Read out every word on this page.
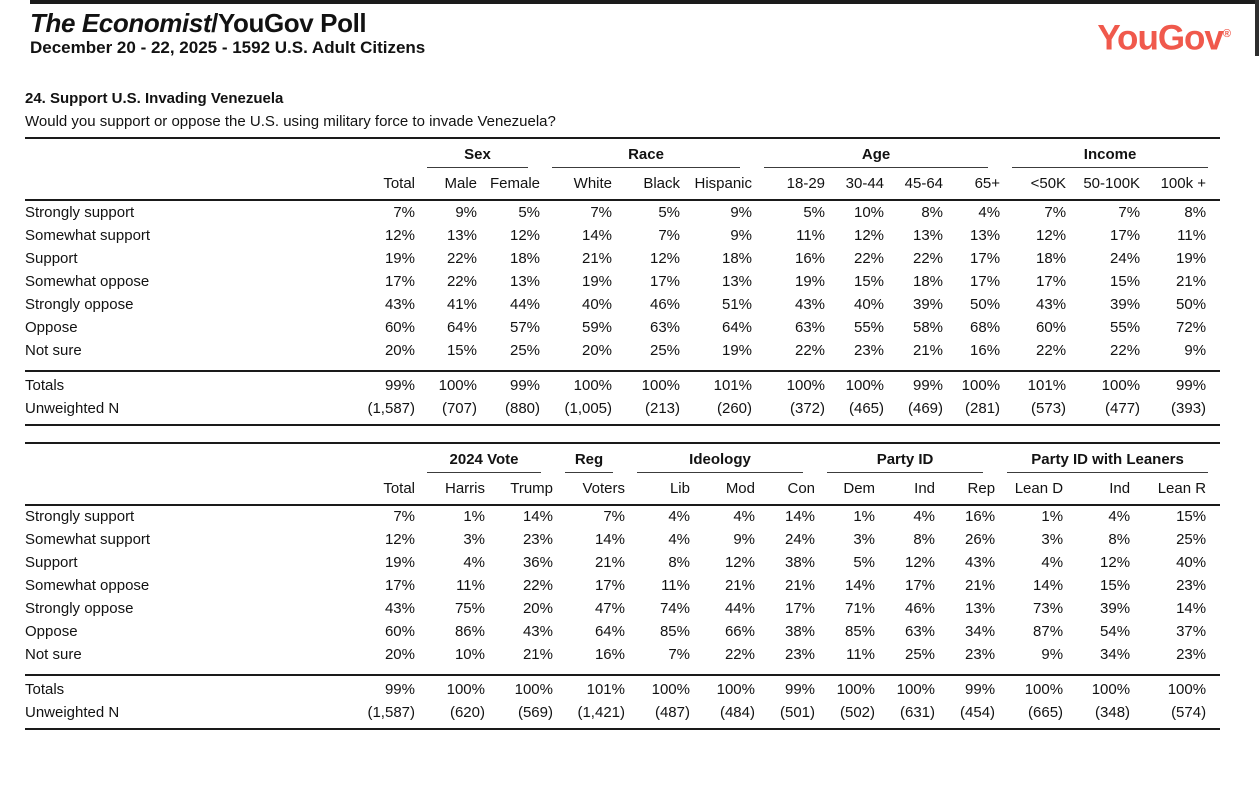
The Economist/YouGov Poll
December 20 - 22, 2025 - 1592 U.S. Adult Citizens	YouGov®
24. Support U.S. Invading Venezuela
Would you support or oppose the U.S. using military force to invade Venezuela?

		Sex		Race			Age				Income		

	Total	Male	Female	White	Black	Hispanic	18-29	30-44	45-64	65+	<50K	50-100K	100k +
Strongly support	7%	9%	5%	7%	5%	9%	5%	10%	8%	4%	7%	7%	8%
Somewhat support	12%	13%	12%	14%	7%	9%	11%	12%	13%	13%	12%	17%	11%
Support	19%	22%	18%	21%	12%	18%	16%	22%	22%	17%	18%	24%	19%
Somewhat oppose	17%	22%	13%	19%	17%	13%	19%	15%	18%	17%	17%	15%	21%
Strongly oppose	43%	41%	44%	40%	46%	51%	43%	40%	39%	50%	43%	39%	50%
Oppose	60%	64%	57%	59%	63%	64%	63%	55%	58%	68%	60%	55%	72%
Not sure	20%	15%	25%	20%	25%	19%	22%	23%	21%	16%	22%	22%	9%
Totals	99%	100%	99%	100%	100%	101%	100%	100%	99%	100%	101%	100%	99%
Unweighted N	(1,587)	(707)	(880)	(1,005)	(213)	(260)	(372)	(465)	(469)	(281)	(573)	(477)	(393)

		2024 Vote		Reg	Ideology			Party ID			Party ID with Leaners		

	Total	Harris	Trump	Voters	Lib	Mod	Con	Dem	Ind	Rep	Lean D	Ind	Lean R
Strongly support	7%	1%	14%	7%	4%	4%	14%	1%	4%	16%	1%	4%	15%
Somewhat support	12%	3%	23%	14%	4%	9%	24%	3%	8%	26%	3%	8%	25%
Support	19%	4%	36%	21%	8%	12%	38%	5%	12%	43%	4%	12%	40%
Somewhat oppose	17%	11%	22%	17%	11%	21%	21%	14%	17%	21%	14%	15%	23%
Strongly oppose	43%	75%	20%	47%	74%	44%	17%	71%	46%	13%	73%	39%	14%
Oppose	60%	86%	43%	64%	85%	66%	38%	85%	63%	34%	87%	54%	37%
Not sure	20%	10%	21%	16%	7%	22%	23%	11%	25%	23%	9%	34%	23%
Totals	99%	100%	100%	101%	100%	100%	99%	100%	100%	99%	100%	100%	100%
Unweighted N	(1,587)	(620)	(569)	(1,421)	(487)	(484)	(501)	(502)	(631)	(454)	(665)	(348)	(574)
